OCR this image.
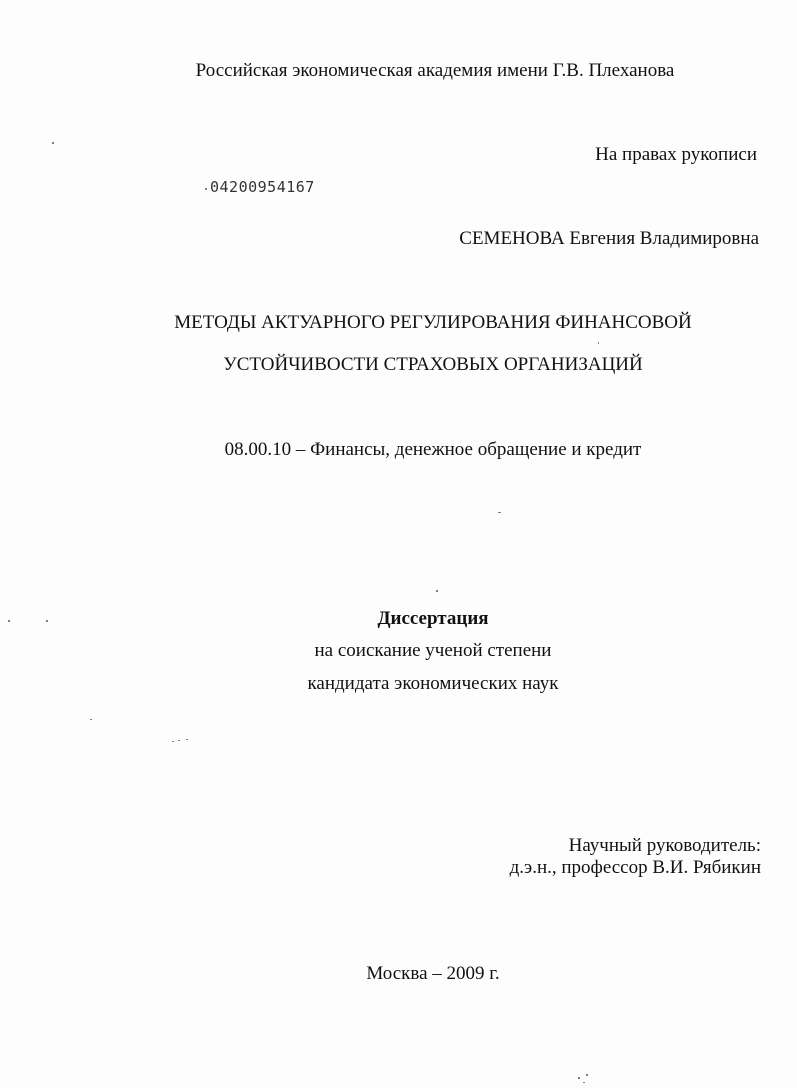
Российская экономическая академия имени Г.В. Плеханова
На правах рукописи
04200954167
СЕМЕНОВА Евгения Владимировна
МЕТОДЫ АКТУАРНОГО РЕГУЛИРОВАНИЯ ФИНАНСОВОЙ
УСТОЙЧИВОСТИ СТРАХОВЫХ ОРГАНИЗАЦИЙ
08.00.10 – Финансы, денежное обращение и кредит
Диссертация
на соискание ученой степени
кандидата экономических наук
Научный руководитель:
д.э.н., профессор В.И. Рябикин
Москва – 2009 г.
